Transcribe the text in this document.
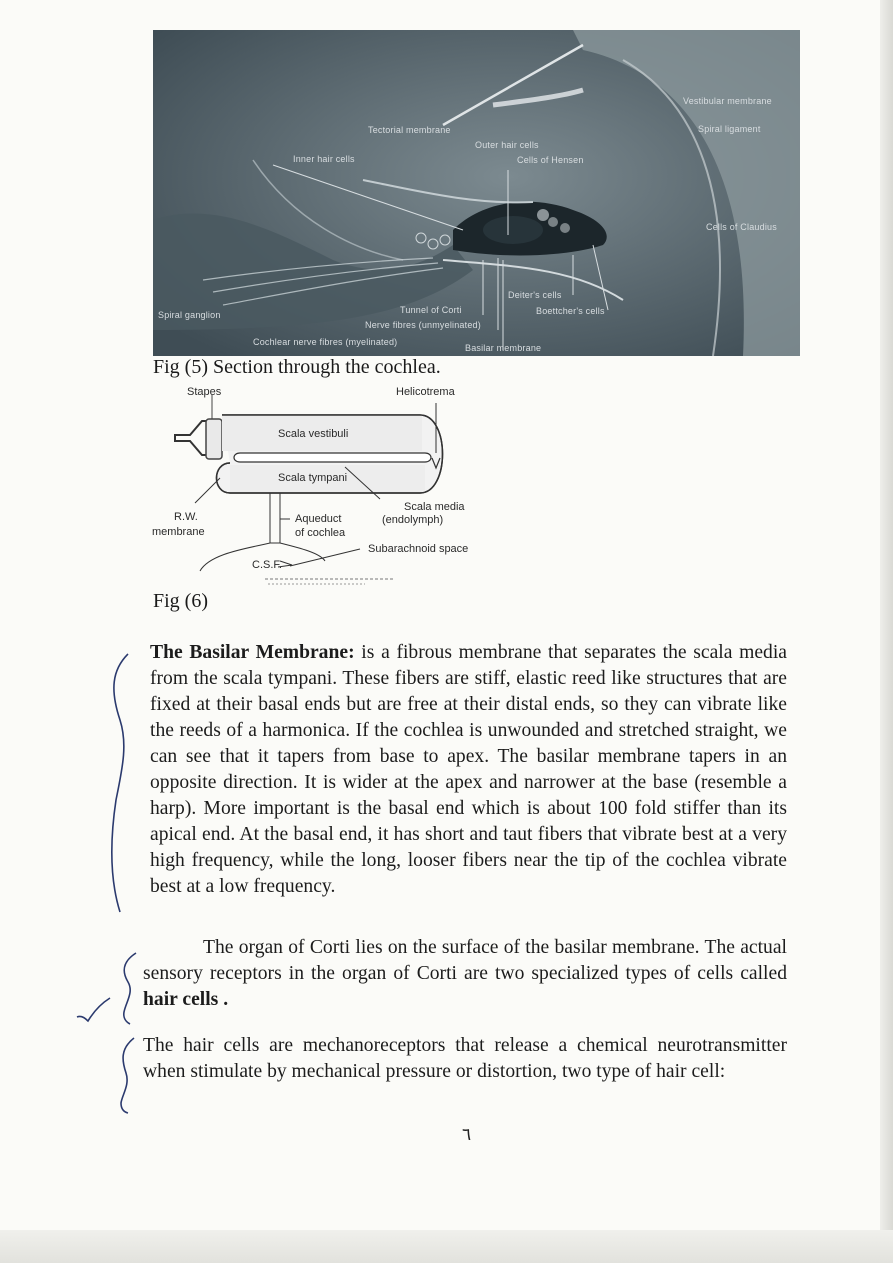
Vestibular membrane
Spiral ligament
Tectorial membrane
Outer hair cells
Cells of Hensen
Inner hair cells
Cells of Claudius
Deiter's cells
Boettcher's cells
Spiral ganglion	Tunnel of Corti
Nerve fibres (unmyelinated)
Cochlear nerve fibres (myelinated)
Basilar membrane
Fig (5) Section through the cochlea.
Stapes	Helicotrema
Scala vestibuli
Scala tympani
Scala media
(endolymph)
R.W.
membrane
Aqueduct
of cochlea
Subarachnoid space
C.S.F.
Fig (6)
The Basilar Membrane: is a fibrous membrane that separates the scala media from the scala tympani. These fibers are stiff, elastic reed like structures that are fixed at their basal ends but are free at their distal ends, so they can vibrate like the reeds of a harmonica. If the cochlea is unwounded and stretched straight, we can see that it tapers from base to apex. The basilar membrane tapers in an opposite direction. It is wider at the apex and narrower at the base (resemble a harp). More important is the basal end which is about 100 fold stiffer than its apical end. At the basal end, it has short and taut fibers that vibrate best at a very high frequency, while the long, looser fibers near the tip of the cochlea vibrate best at a low frequency.
The organ of Corti lies on the surface of the basilar membrane. The actual sensory receptors in the organ of Corti are two specialized types of cells called hair cells .
The hair cells are mechanoreceptors that release a chemical neurotransmitter when stimulate by mechanical pressure or distortion, two type of hair cell:
٦
